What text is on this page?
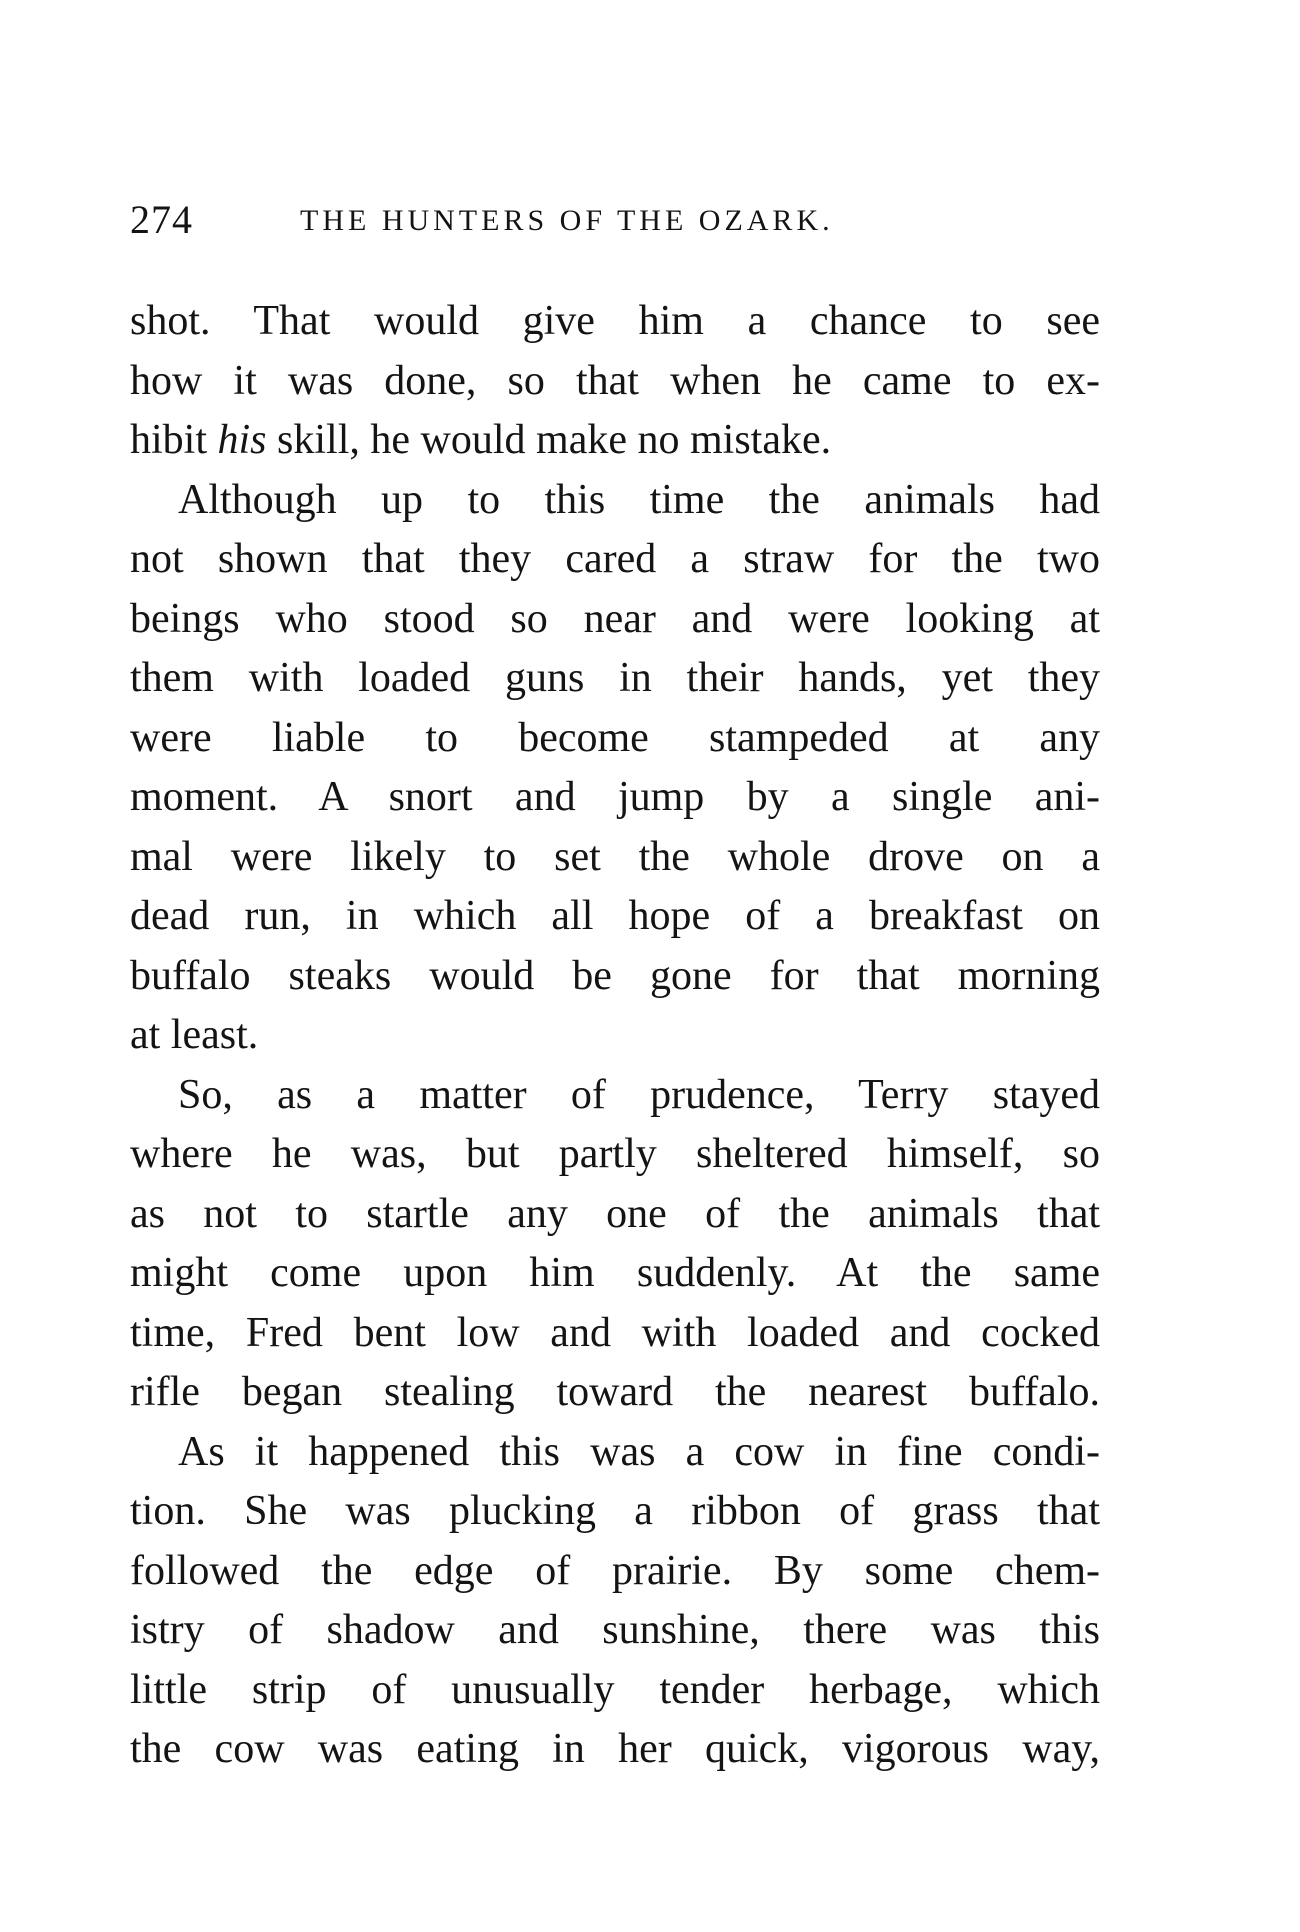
274	THE HUNTERS OF THE OZARK.
shot. That would give him a chance to see
how it was done, so that when he came to ex-
hibit his skill, he would make no mistake.
Although up to this time the animals had
not shown that they cared a straw for the two
beings who stood so near and were looking at
them with loaded guns in their hands, yet they
were liable to become stampeded at any
moment. A snort and jump by a single ani-
mal were likely to set the whole drove on a
dead run, in which all hope of a breakfast on
buffalo steaks would be gone for that morning
at least.
So, as a matter of prudence, Terry stayed
where he was, but partly sheltered himself, so
as not to startle any one of the animals that
might come upon him suddenly. At the same
time, Fred bent low and with loaded and cocked
rifle began stealing toward the nearest buffalo.
As it happened this was a cow in fine condi-
tion. She was plucking a ribbon of grass that
followed the edge of prairie. By some chem-
istry of shadow and sunshine, there was this
little strip of unusually tender herbage, which
the cow was eating in her quick, vigorous way,
